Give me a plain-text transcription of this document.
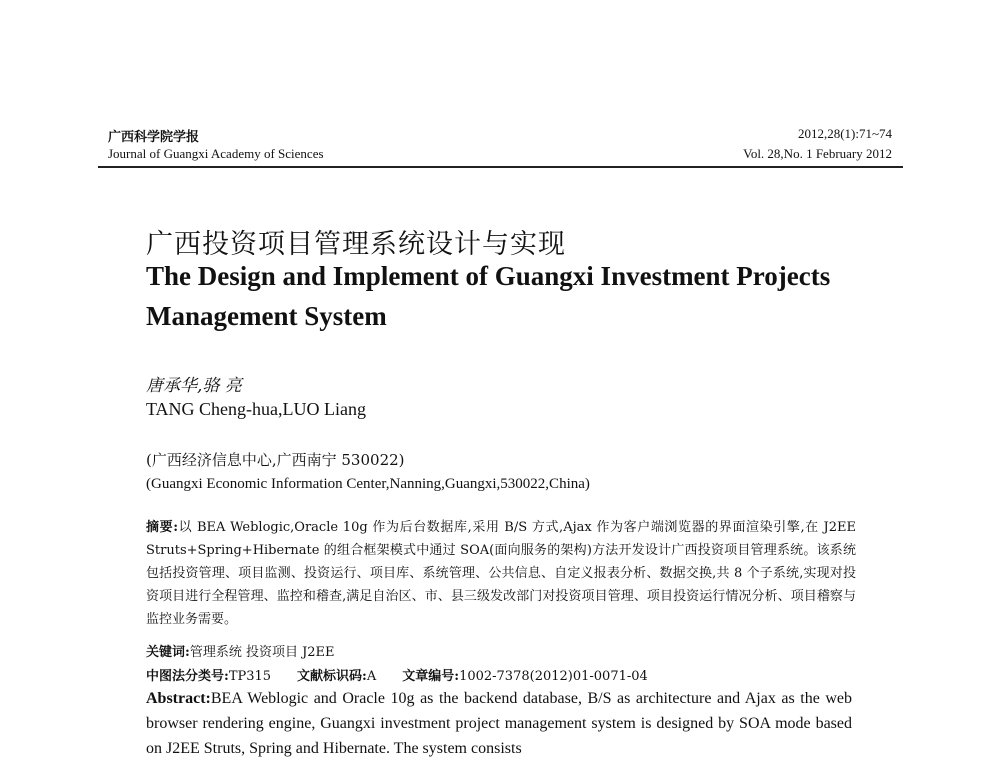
广西科学院学报
Journal of Guangxi Academy of Sciences
2012,28(1):71~74
Vol. 28,No. 1 February 2012
广西投资项目管理系统设计与实现
The Design and Implement of Guangxi Investment Projects Management System
唐承华,骆 亮
TANG Cheng-hua,LUO Liang
(广西经济信息中心,广西南宁 530022)
(Guangxi Economic Information Center,Nanning,Guangxi,530022,China)
摘要:以 BEA Weblogic,Oracle 10g 作为后台数据库,采用 B/S 方式,Ajax 作为客户端浏览器的界面渲染引擎,在 J2EE Struts+Spring+Hibernate 的组合框架模式中通过 SOA(面向服务的架构)方法开发设计广西投资项目管理系统。该系统包括投资管理、项目监测、投资运行、项目库、系统管理、公共信息、自定义报表分析、数据交换,共 8 个子系统,实现对投资项目进行全程管理、监控和稽查,满足自治区、市、县三级发改部门对投资项目管理、项目投资运行情况分析、项目稽察与监控业务需要。
关键词:管理系统 投资项目 J2EE
中图法分类号:TP315 文献标识码:A 文章编号:1002-7378(2012)01-0071-04
Abstract:BEA Weblogic and Oracle 10g as the backend database, B/S as architecture and Ajax as the web browser rendering engine, Guangxi investment project management system is designed by SOA mode based on J2EE Struts, Spring and Hibernate. The system consists
